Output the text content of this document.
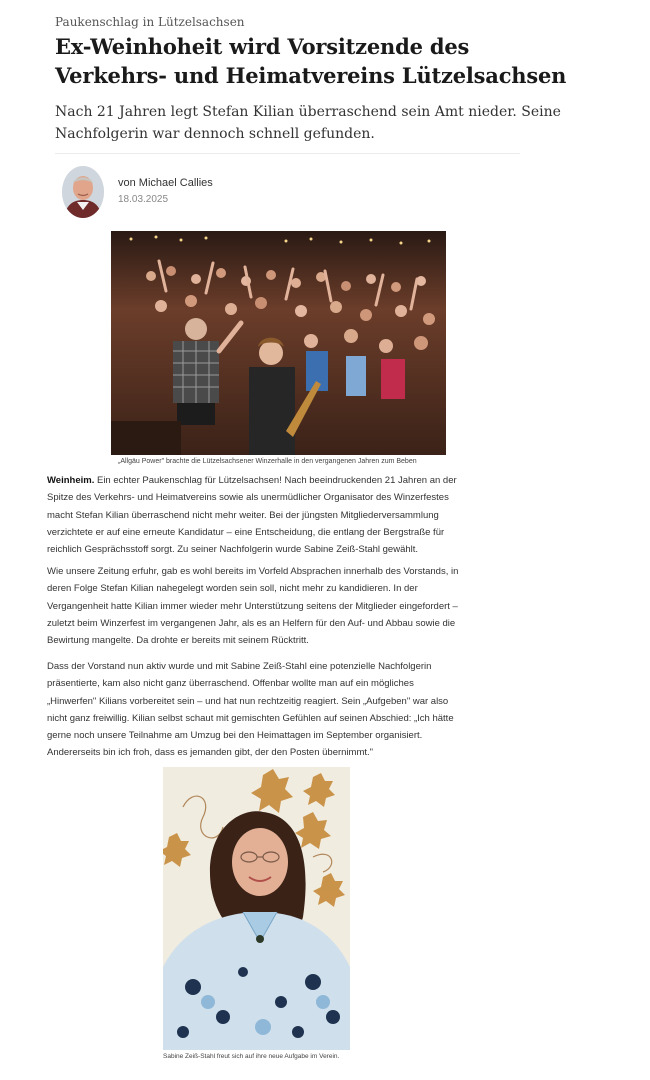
Paukenschlag in Lützelsachsen
Ex-Weinhoheit wird Vorsitzende des
Verkehrs- und Heimatvereins Lützelsachsen
Nach 21 Jahren legt Stefan Kilian überraschend sein Amt nieder. Seine
Nachfolgerin war dennoch schnell gefunden.
von Michael Callies
18.03.2025
„Allgäu Power" brachte die Lützelsachsener Winzerhalle in den vergangenen Jahren zum Beben
Weinheim. Ein echter Paukenschlag für Lützelsachsen! Nach beeindruckenden 21 Jahren an der
Spitze des Verkehrs- und Heimatvereins sowie als unermüdlicher Organisator des Winzerfestes
macht Stefan Kilian überraschend nicht mehr weiter. Bei der jüngsten Mitgliederversammlung
verzichtete er auf eine erneute Kandidatur – eine Entscheidung, die entlang der Bergstraße für
reichlich Gesprächsstoff sorgt. Zu seiner Nachfolgerin wurde Sabine Zeiß-Stahl gewählt.
Wie unsere Zeitung erfuhr, gab es wohl bereits im Vorfeld Absprachen innerhalb des Vorstands, in
deren Folge Stefan Kilian nahegelegt worden sein soll, nicht mehr zu kandidieren. In der
Vergangenheit hatte Kilian immer wieder mehr Unterstützung seitens der Mitglieder eingefordert –
zuletzt beim Winzerfest im vergangenen Jahr, als es an Helfern für den Auf- und Abbau sowie die
Bewirtung mangelte. Da drohte er bereits mit seinem Rücktritt.
Dass der Vorstand nun aktiv wurde und mit Sabine Zeiß-Stahl eine potenzielle Nachfolgerin
präsentierte, kam also nicht ganz überraschend. Offenbar wollte man auf ein mögliches
„Hinwerfen" Kilians vorbereitet sein – und hat nun rechtzeitig reagiert. Sein „Aufgeben" war also
nicht ganz freiwillig. Kilian selbst schaut mit gemischten Gefühlen auf seinen Abschied: „Ich hätte
gerne noch unsere Teilnahme am Umzug bei den Heimattagen im September organisiert.
Andererseits bin ich froh, dass es jemanden gibt, der den Posten übernimmt."
Sabine Zeiß-Stahl freut sich auf ihre neue Aufgabe im Verein.
